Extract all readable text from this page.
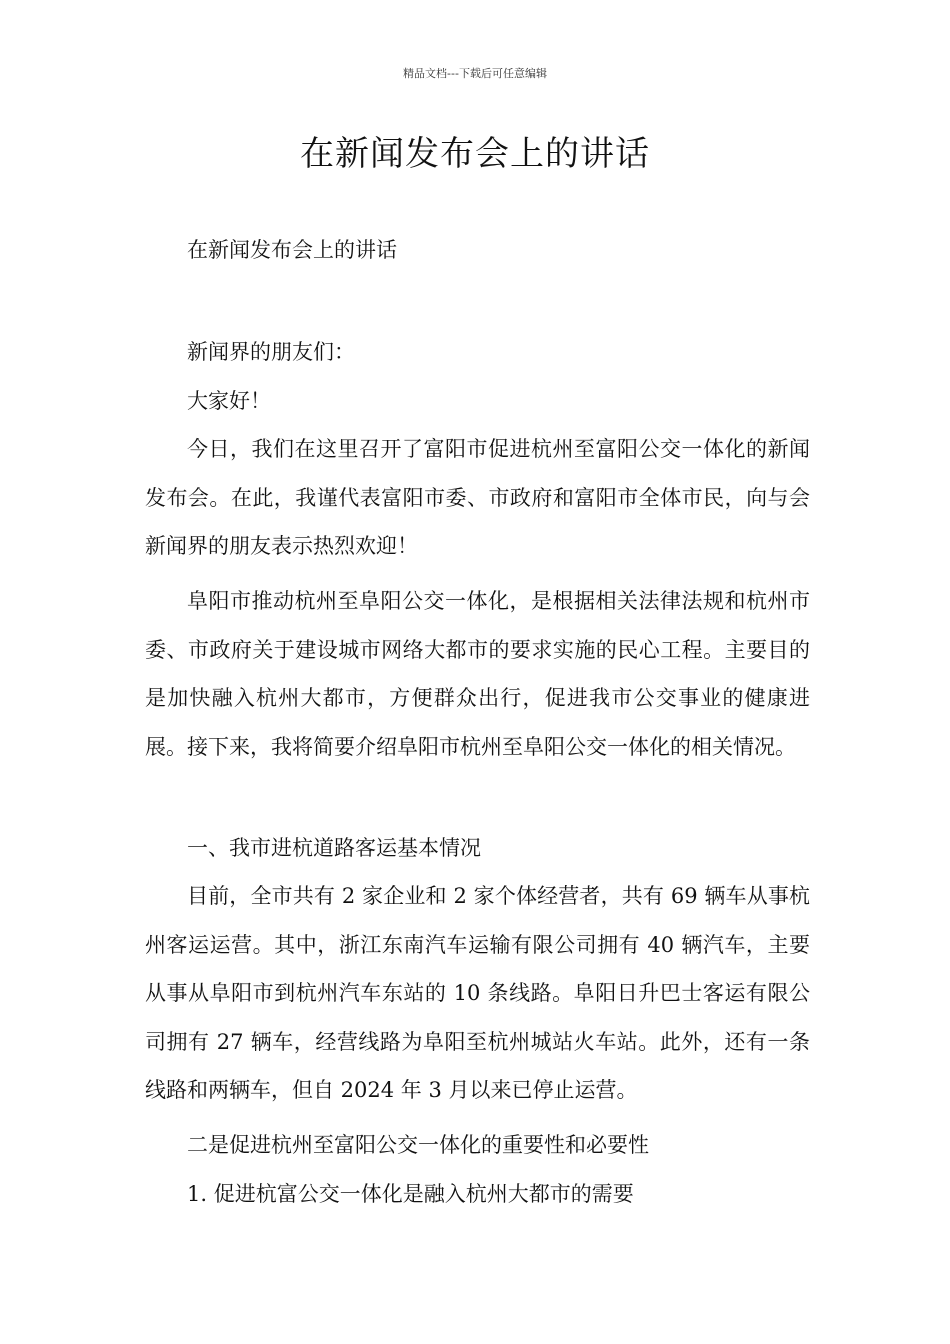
精品文档---下载后可任意编辑
在新闻发布会上的讲话

在新闻发布会上的讲话

新闻界的朋友们：

大家好！

今日，我们在这里召开了富阳市促进杭州至富阳公交一体化的新闻发布会。在此，我谨代表富阳市委、市政府和富阳市全体市民，向与会新闻界的朋友表示热烈欢迎！

阜阳市推动杭州至阜阳公交一体化，是根据相关法律法规和杭州市委、市政府关于建设城市网络大都市的要求实施的民心工程。主要目的是加快融入杭州大都市，方便群众出行，促进我市公交事业的健康进展。接下来，我将简要介绍阜阳市杭州至阜阳公交一体化的相关情况。

一、我市进杭道路客运基本情况

目前，全市共有 2 家企业和 2 家个体经营者，共有 69 辆车从事杭州客运运营。其中，浙江东南汽车运输有限公司拥有 40 辆汽车，主要从事从阜阳市到杭州汽车东站的 10 条线路。阜阳日升巴士客运有限公司拥有 27 辆车，经营线路为阜阳至杭州城站火车站。此外，还有一条线路和两辆车，但自 2024 年 3 月以来已停止运营。

二是促进杭州至富阳公交一体化的重要性和必要性

1. 促进杭富公交一体化是融入杭州大都市的需要
